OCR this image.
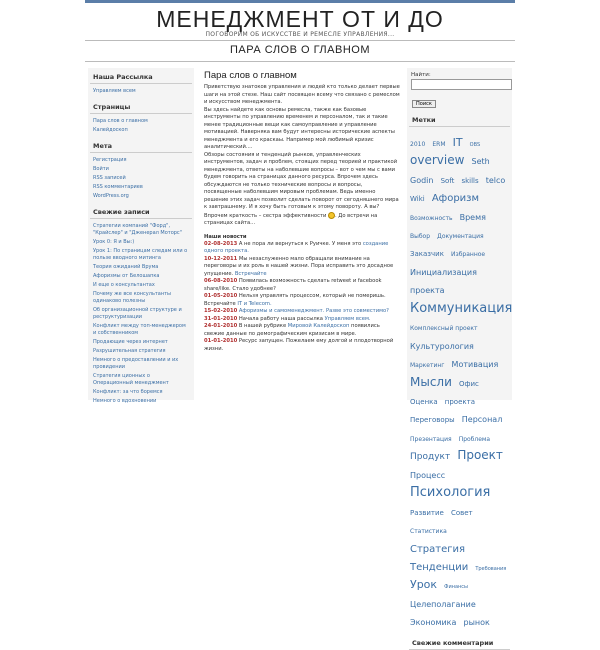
МЕНЕДЖМЕНТ ОТ И ДО
ПОГОВОРИМ ОБ ИСКУССТВЕ И РЕМЕСЛЕ УПРАВЛЕНИЯ...
ПАРА СЛОВ О ГЛАВНОМ
Наша Рассылка
Управляем всем
Страницы
Пара слов о главном
Калейдоскоп
Мета
Регистрация
Войти
RSS записей
RSS комментариев
WordPress.org
Свежие записи
Стратегии компаний "Форд", "Крайслер" и "Дженерал Моторс"
Урок 0: Я и Вы:)
Урок 1: По страницам следам или о пользе вводного митинга
Теория ожиданий Врума
Афоризмы от Белошапка
И еще о консультантах
Почему же все консультанты одинаково полезны
Об организационной структуре и реструктуризации
Конфликт между топ-менеджером и собственником
Продающие через интернет
Разрушительная стратегия
Немного о предоставлении и их провидении
Стратегия ционных о Операционный менеджмент
Конфликт: за что боремся
Немного о вдохновении
Пара слов о главном

Приветствую знатоков управления и людей кто только делает первые шаги на этой стезе. Наш сайт посвящен всему что связано с ремеслом и искусством менеджмента.

Вы здесь найдете как основы ремесла, также как базовые инструменты по управлению временем и персоналом, так и такие менее традиционные вещи как самоуправление и управление мотивацией. Наверняка вам будут интересны исторические аспекты менеджмента и его краскаы. Например мой любимый кризис аналитический....

Обзоры состояния и тенденций рынков, управленческих инструментов, задач и проблем, стоящих перед теорией и практикой менеджмента, ответы на наболевшие вопросы – вот о чем мы с вами будем говорить на страницах данного ресурса. Впрочем здесь обсуждаются не только технические вопросы и вопросы, посвященные наболевшим мировым проблемам. Ведь именно решение этих задач позволит сделать поворот от сегодняшнего мира к завтрашнему. И я хочу быть готовым к этому повороту. А вы?

Впрочем краткость – сестра эффективности . До встречи на страницах сайта...

Наши новости
02-08-2013 А не пора ли вернуться к Руичке. У меня это создание одного проекта.
10-12-2011 Мы незаслуженно мало обращали внимание на переговоры и их роль в нашей жизни. Пора исправить это досадное упущение. Встречайте
06-08-2010 Появилась возможность сделать retweet и facebook share/like. Стало удобнее?
01-05-2010 Нельзя управлять процессом, который не померишь. Встречайте IT и Telecom.
15-02-2010 Афоризмы и самоменеджмент. Разве это совместимо?
31-01-2010 Начала работу наша рассылка Управляем всем.
24-01-2010 В нашей рубрике Мировой Калейдоскоп появились свежие данные по демографическим кризисам в мире.
01-01-2010 Ресурс запущен. Пожелаем ему долгой и плодотворной жизни.
Найти:
Поиск
Метки
2010 ERM IT OBS overview Seth Godin Soft skills telco Wiki Афоризм Возможность Время Выбор Документация Заказчик Избранное Инициализация проекта Коммуникация Комплексный проект Культурология Маркетинг Мотивация Мысли Офис Оценка проекта Переговоры Персонал Презентация Проблема Продукт Проект Процесс Психология Развитие Совет Статистика Стратегия Тенденции Требования Урок Финансы Целеполагание Экономика рынок
Свежие комментарии
